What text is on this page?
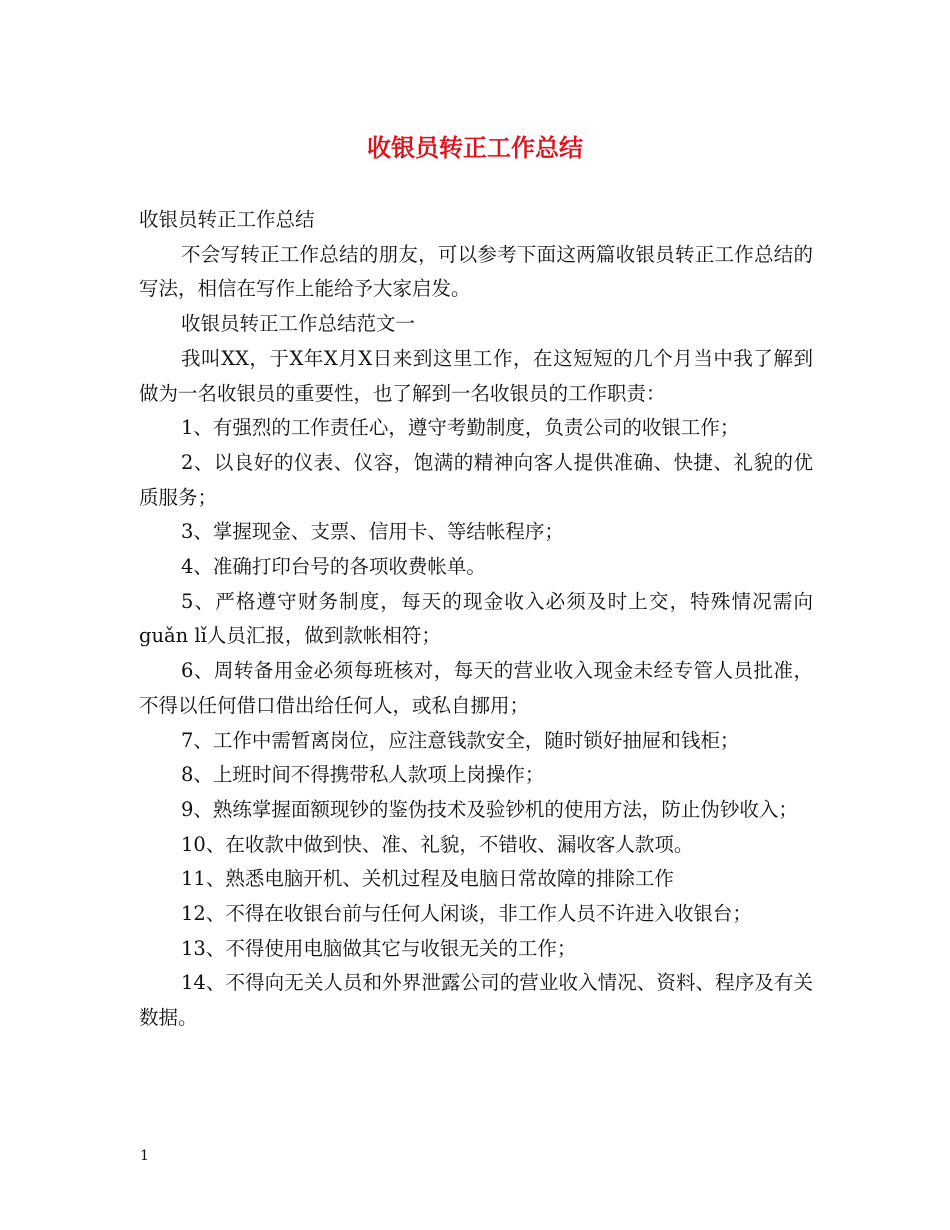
收银员转正工作总结

收银员转正工作总结

不会写转正工作总结的朋友，可以参考下面这两篇收银员转正工作总结的写法，相信在写作上能给予大家启发。

收银员转正工作总结范文一

我叫XX，于X年X月X日来到这里工作，在这短短的几个月当中我了解到做为一名收银员的重要性，也了解到一名收银员的工作职责：

1、有强烈的工作责任心，遵守考勤制度，负责公司的收银工作；

2、以良好的仪表、仪容，饱满的精神向客人提供准确、快捷、礼貌的优质服务；

3、掌握现金、支票、信用卡、等结帐程序；

4、准确打印台号的各项收费帐单。

5、严格遵守财务制度，每天的现金收入必须及时上交，特殊情况需向guǎn lǐ人员汇报，做到款帐相符；

6、周转备用金必须每班核对，每天的营业收入现金未经专管人员批准，不得以任何借口借出给任何人，或私自挪用；

7、工作中需暂离岗位，应注意钱款安全，随时锁好抽屉和钱柜；

8、上班时间不得携带私人款项上岗操作；

9、熟练掌握面额现钞的鉴伪技术及验钞机的使用方法，防止伪钞收入；

10、在收款中做到快、准、礼貌，不错收、漏收客人款项。

11、熟悉电脑开机、关机过程及电脑日常故障的排除工作

12、不得在收银台前与任何人闲谈，非工作人员不许进入收银台；

13、不得使用电脑做其它与收银无关的工作；

14、不得向无关人员和外界泄露公司的营业收入情况、资料、程序及有关数据。

1
